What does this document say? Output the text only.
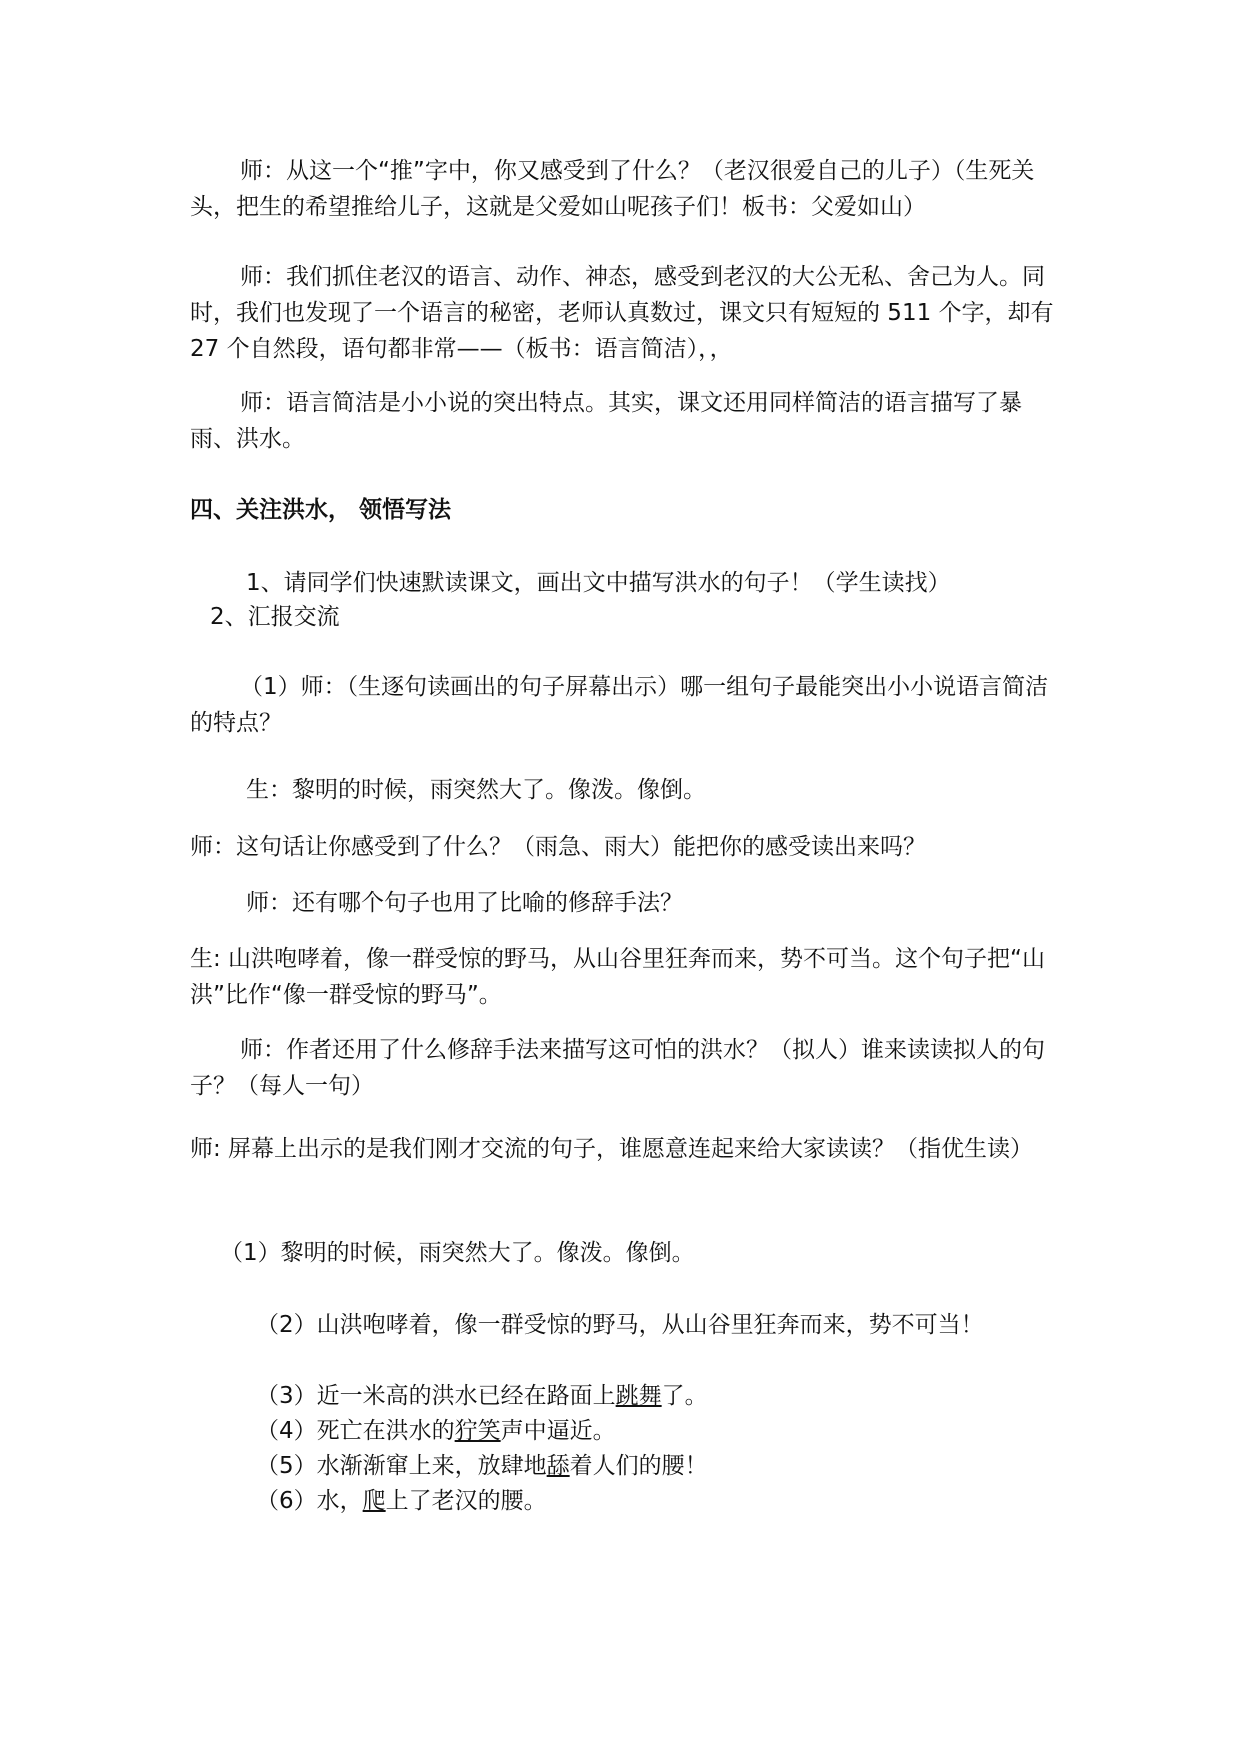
师：从这一个“推”字中，你又感受到了什么？（老汉很爱自己的儿子）（生死关头，把生的希望推给儿子，这就是父爱如山呢孩子们！板书：父爱如山）

师：我们抓住老汉的语言、动作、神态，感受到老汉的大公无私、舍己为人。同时，我们也发现了一个语言的秘密，老师认真数过，课文只有短短的 511 个字，却有 27 个自然段，语句都非常——（板书：语言简洁），，

师：语言简洁是小小说的突出特点。其实，课文还用同样简洁的语言描写了暴雨、洪水。

四、关注洪水， 领悟写法

1、请同学们快速默读课文，画出文中描写洪水的句子！（学生读找）

2、汇报交流

（1）师：（生逐句读画出的句子屏幕出示）哪一组句子最能突出小小说语言简洁的特点？

生：黎明的时候，雨突然大了。像泼。像倒。

师：这句话让你感受到了什么？（雨急、雨大）能把你的感受读出来吗？

师：还有哪个句子也用了比喻的修辞手法？

生: 山洪咆哮着，像一群受惊的野马，从山谷里狂奔而来，势不可当。这个句子把“山洪”比作“像一群受惊的野马”。

师：作者还用了什么修辞手法来描写这可怕的洪水？（拟人）谁来读读拟人的句子？（每人一句）

师: 屏幕上出示的是我们刚才交流的句子，谁愿意连起来给大家读读？（指优生读）

（1）黎明的时候，雨突然大了。像泼。像倒。

（2）山洪咆哮着，像一群受惊的野马，从山谷里狂奔而来，势不可当！

（3）近一米高的洪水已经在路面上跳舞了。

（4）死亡在洪水的狞笑声中逼近。

（5）水渐渐窜上来，放肆地舔着人们的腰！

（6）水，爬上了老汉的腰。
